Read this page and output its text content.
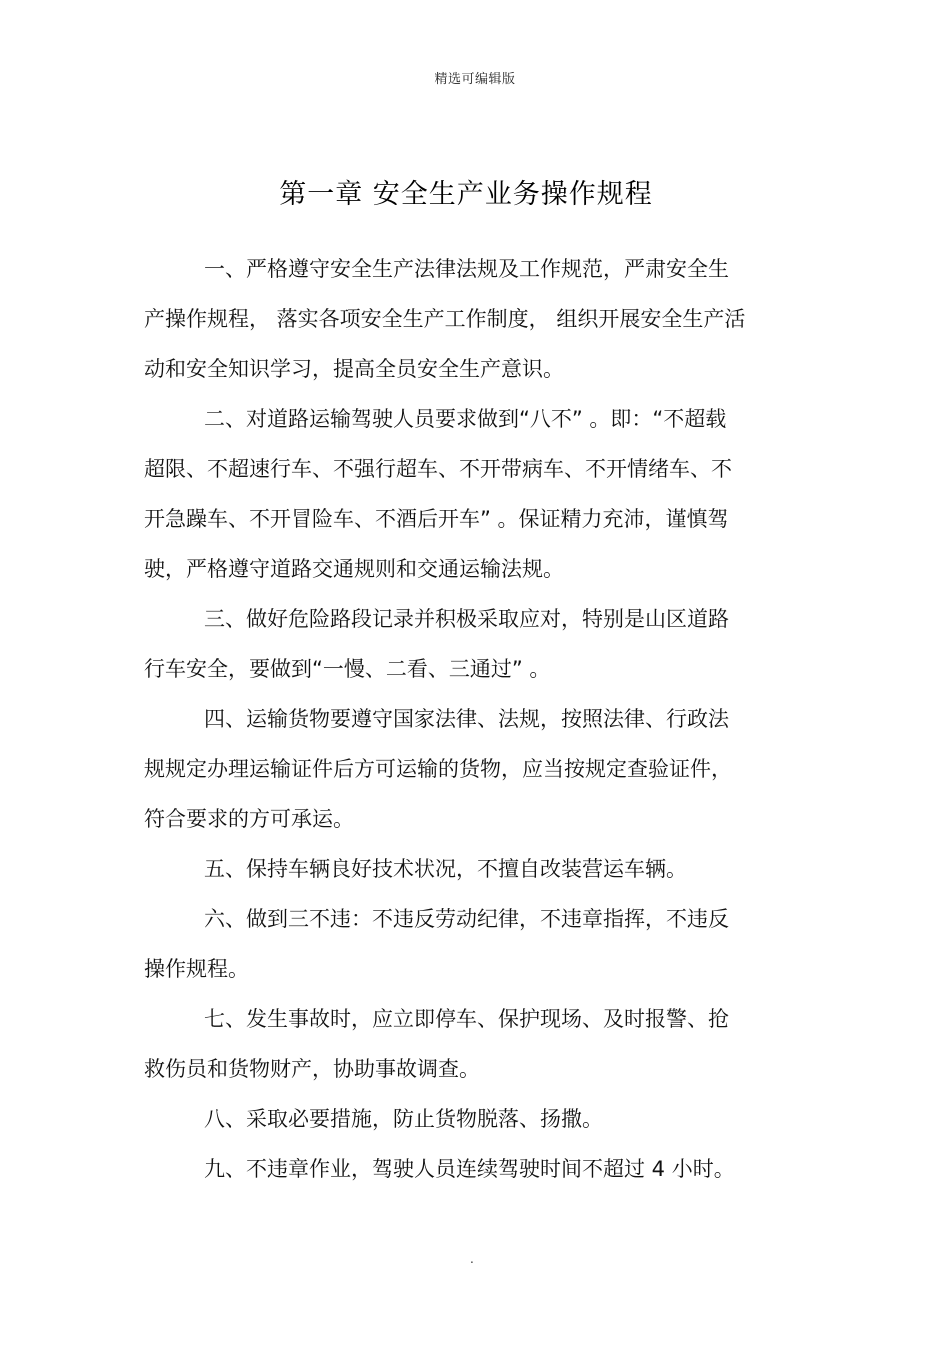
精选可编辑版
第一章 安全生产业务操作规程
一、严格遵守安全生产法律法规及工作规范，严肃安全生
产操作规程， 落实各项安全生产工作制度， 组织开展安全生产活
动和安全知识学习，提高全员安全生产意识。
二、对道路运输驾驶人员要求做到“八不” 。即：“不超载
超限、不超速行车、不强行超车、不开带病车、不开情绪车、不
开急躁车、不开冒险车、不酒后开车” 。保证精力充沛，谨慎驾
驶，严格遵守道路交通规则和交通运输法规。
三、做好危险路段记录并积极采取应对，特别是山区道路
行车安全，要做到“一慢、二看、三通过” 。
四、运输货物要遵守国家法律、法规，按照法律、行政法
规规定办理运输证件后方可运输的货物，应当按规定查验证件，
符合要求的方可承运。
五、保持车辆良好技术状况，不擅自改装营运车辆。
六、做到三不违：不违反劳动纪律，不违章指挥，不违反
操作规程。
七、发生事故时，应立即停车、保护现场、及时报警、抢
救伤员和货物财产，协助事故调查。
八、采取必要措施，防止货物脱落、扬撒。
九、不违章作业，驾驶人员连续驾驶时间不超过 4 小时。
.
